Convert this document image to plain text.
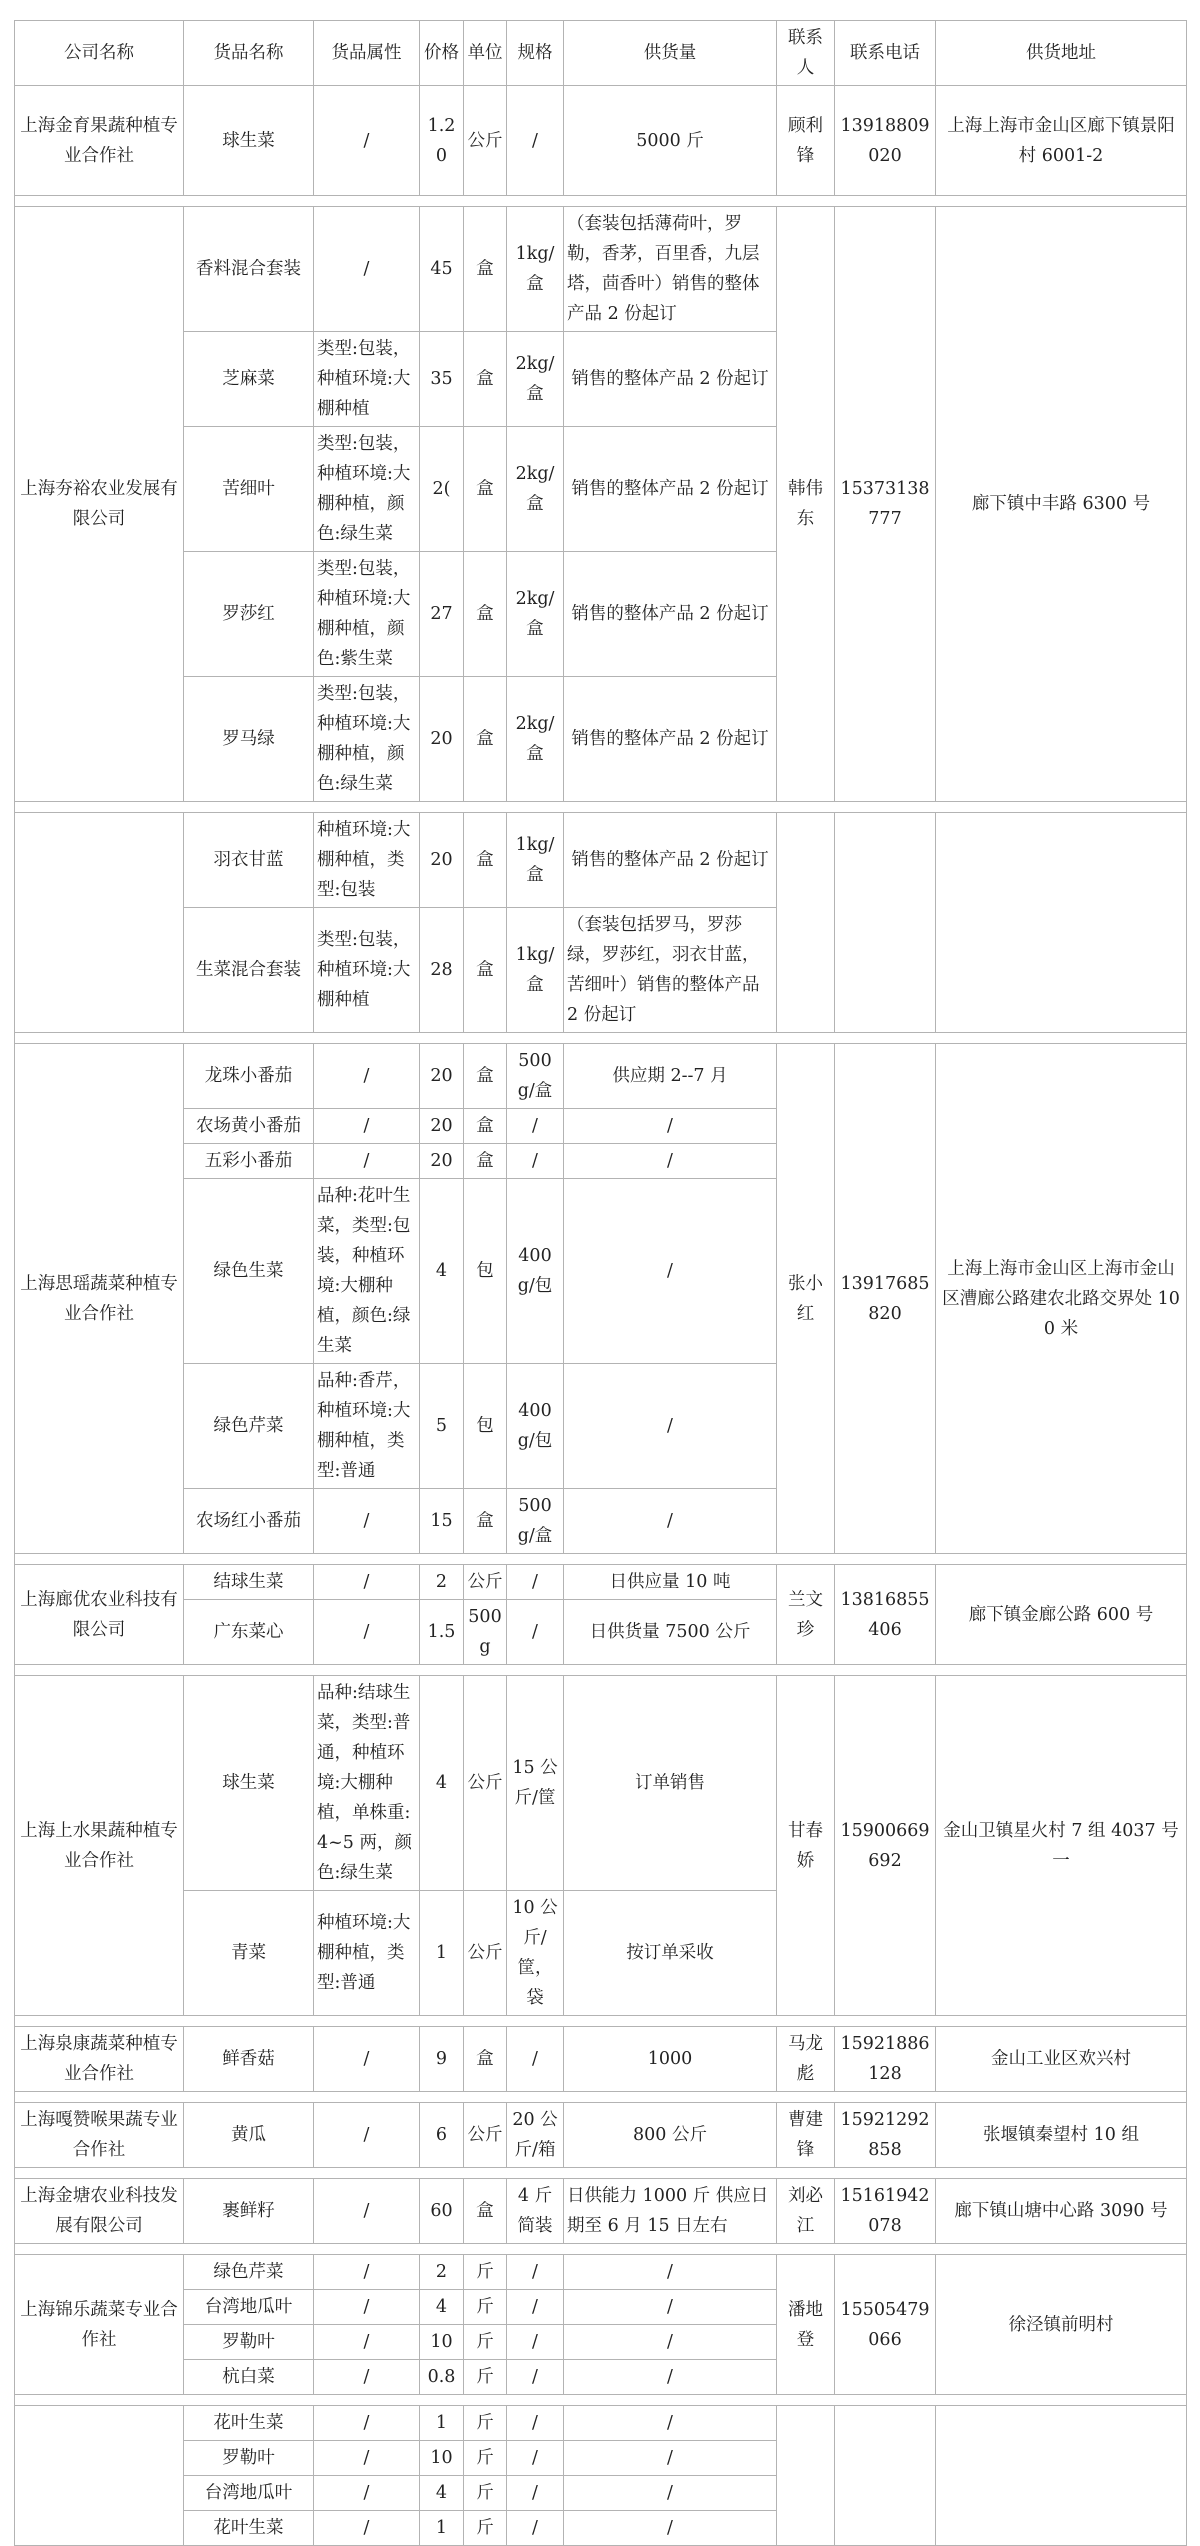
公司名称	货品名称	货品属性	价格	单位	规格	供货量	联系人	联系电话	供货地址
上海金育果蔬种植专业合作社	球生菜	/	1.20	公斤	/	5000 斤	顾利锋	13918809020	上海上海市金山区廊下镇景阳村 6001-2

上海夯裕农业发展有限公司	香料混合套装	/	45	盒	1kg/盒	（套装包括薄荷叶，罗勒，香茅，百里香，九层塔，茴香叶）销售的整体产品 2 份起订	韩伟东	15373138777	廊下镇中丰路 6300 号
	芝麻菜	类型:包装，种植环境:大棚种植	35	盒	2kg/盒	销售的整体产品 2 份起订			
	苦细叶	类型:包装，种植环境:大棚种植，颜色:绿生菜	2(	盒	2kg/盒	销售的整体产品 2 份起订			
	罗莎红	类型:包装，种植环境:大棚种植，颜色:紫生菜	27	盒	2kg/盒	销售的整体产品 2 份起订			
	罗马绿	类型:包装，种植环境:大棚种植，颜色:绿生菜	20	盒	2kg/盒	销售的整体产品 2 份起订			

	羽衣甘蓝	种植环境:大棚种植，类型:包装	20	盒	1kg/盒	销售的整体产品 2 份起订			
	生菜混合套装	类型:包装，种植环境:大棚种植	28	盒	1kg/盒	（套装包括罗马，罗莎绿，罗莎红，羽衣甘蓝，苦细叶）销售的整体产品 2 份起订			

上海思瑶蔬菜种植专业合作社	龙珠小番茄	/	20	盒	500g/盒	供应期 2--7 月	张小红	13917685820	上海上海市金山区上海市金山区漕廊公路建农北路交界处 100 米
	农场黄小番茄	/	20	盒	/	/			
	五彩小番茄	/	20	盒	/	/			
	绿色生菜	品种:花叶生菜，类型:包装，种植环境:大棚种植，颜色:绿生菜	4	包	400g/包	/			
	绿色芹菜	品种:香芹，种植环境:大棚种植，类型:普通	5	包	400g/包	/			
	农场红小番茄	/	15	盒	500g/盒	/			

上海廊优农业科技有限公司	结球生菜	/	2	公斤	/	日供应量 10 吨	兰文珍	13816855406	廊下镇金廊公路 600 号
	广东菜心	/	1.5	500g	/	日供货量 7500 公斤			

上海上水果蔬种植专业合作社	球生菜	品种:结球生菜，类型:普通，种植环境:大棚种植，单株重:4~5 两，颜色:绿生菜	4	公斤	15 公斤/筐	订单销售	甘春娇	15900669692	金山卫镇星火村 7 组 4037 号一
	青菜	种植环境:大棚种植，类型:普通	1	公斤	10 公斤/筐，袋	按订单采收			

上海泉康蔬菜种植专业合作社	鲜香菇	/	9	盒	/	1000	马龙彪	15921886128	金山工业区欢兴村

上海嘎赞喉果蔬专业合作社	黄瓜	/	6	公斤	20 公斤/箱	800 公斤	曹建锋	15921292858	张堰镇秦望村 10 组

上海金塘农业科技发展有限公司	裹鲜籽	/	60	盒	4 斤简装	日供能力 1000 斤 供应日期至 6 月 15 日左右	刘必江	15161942078	廊下镇山塘中心路 3090 号

上海锦乐蔬菜专业合作社	绿色芹菜	/	2	斤	/	/	潘地登	15505479066	徐泾镇前明村
	台湾地瓜叶	/	4	斤	/	/			
	罗勒叶	/	10	斤	/	/			
	杭白菜	/	0.8	斤	/	/			

	花叶生菜	/	1	斤	/	/			
	罗勒叶	/	10	斤	/	/			
	台湾地瓜叶	/	4	斤	/	/			
	花叶生菜	/	1	斤	/	/			
